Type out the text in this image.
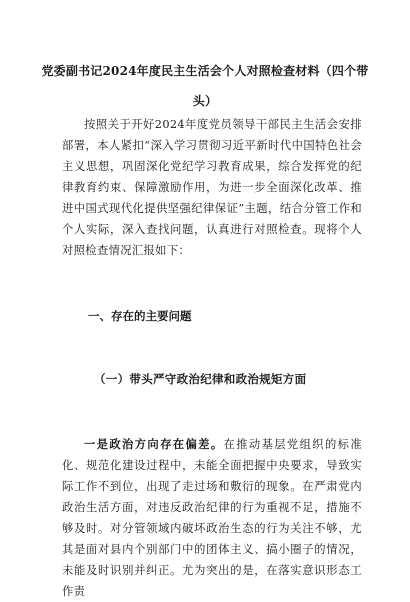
党委副书记2024年度民主生活会个人对照检查材料（四个带头）

按照关于开好2024年度党员领导干部民主生活会安排部署，本人紧扣“深入学习贯彻习近平新时代中国特色社会主义思想，巩固深化党纪学习教育成果，综合发挥党的纪律教育约束、保障激励作用，为进一步全面深化改革、推进中国式现代化提供坚强纪律保证”主题，结合分管工作和个人实际，深入查找问题，认真进行对照检查。现将个人对照检查情况汇报如下：

一、存在的主要问题

（一）带头严守政治纪律和政治规矩方面

一是政治方向存在偏差。在推动基层党组织的标准化、规范化建设过程中，未能全面把握中央要求，导致实际工作不到位，出现了走过场和敷衍的现象。在严肃党内政治生活方面，对违反政治纪律的行为重视不足，措施不够及时。对分管领域内破坏政治生态的行为关注不够，尤其是面对县内个别部门中的团体主义、搞小圈子的情况，未能及时识别并纠正。尤为突出的是，在落实意识形态工作责
